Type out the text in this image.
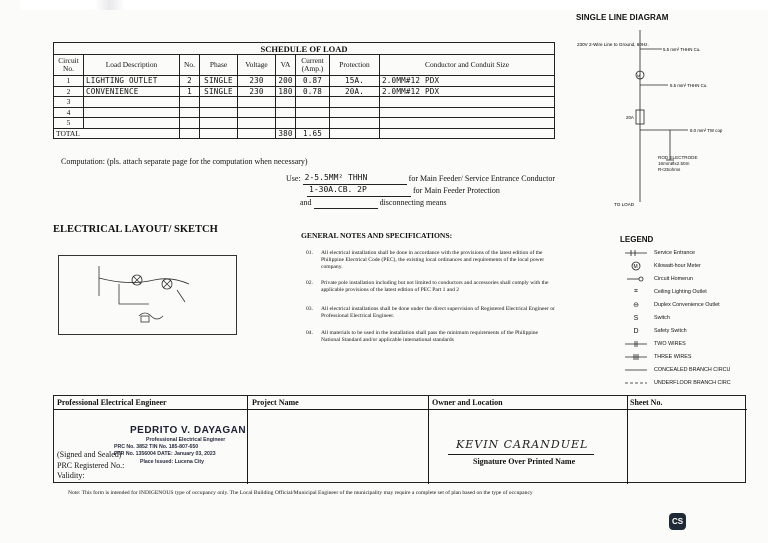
SINGLE LINE DIAGRAM
230V 2-Wire Line to Ground, 60Hz.
5.5 mm² THHN Cu.
M
5.5 mm² THHN Cu.
20A
8.0 mm² TW cop
ROD ELECTRODE 16mmØx2.50m R<25ohms
TO LOAD
SCHEDULE OF LOAD								
Circuit No.	Load Description	No.	Phase	Voltage	VA	Current (Amp.)	Protection	Conductor and Conduit Size
1	LIGHTING OUTLET	2	SINGLE	230	200	0.87	15A.	2.0MM#12 PDX
2	CONVENIENCE	1	SINGLE	230	180	0.78	20A.	2.0MM#12 PDX
3								
4								
5								
TOTAL					380	1.65		
Computation: (pls. attach separate page for the computation when necessary)
Use: 2-5.5MM² THHN	for Main Feeder/ Service Entrance Conductor
1-30A.CB. 2P	for Main Feeder Protection
and	disconnecting means
ELECTRICAL LAYOUT/ SKETCH
GENERAL NOTES AND SPECIFICATIONS:
01.	All electrical installation shall be done in accordance with the provisions of the latest edition of the Philippine Electrical Code (PEC), the existing local ordinances and requirements of the local power company.
02.	Private pole installation including but not limited to conductors and accessories shall comply with the applicable provisions of the latest edition of PEC Part 1 and 2
03.	All electrical installations shall be done under the direct supervision of Registered Electrical Engineer or Professional Electrical Engineer.
04.	All materials to be used in the installation shall pass the minimum requirements of the Philippine National Standard and/or applicable international standards
LEGEND
Service Entrance
M	Kilowatt-hour Meter
Circuit Homerun
⌗	Ceiling Lighting Outlet
⊖	Duplex Convenience Outlet
S	Switch
D	Safety Switch
TWO WIRES
THREE WIRES
CONCEALED BRANCH CIRCU
UNDERFLOOR BRANCH CIRC
Professional Electrical Engineer	Project Name	Owner and Location	Sheet No.
PEDRITO V. DAYAGAN
Professional Electrical Engineer
PRC No. 3852 TIN No. 185-807-650
PTR No. 1356004 DATE: January 03, 2023
Place Issued: Lucena City
(Signed and Sealed)
PRC Registered No.:
Validity:
KEVIN CARANDUEL
Signature Over Printed Name
Note: This form is intended for INDIGENOUS type of occupancy only. The Local Building Official/Municipal Engineer of the municipality may require a complete set of plan based on the type of occupancy
CS
